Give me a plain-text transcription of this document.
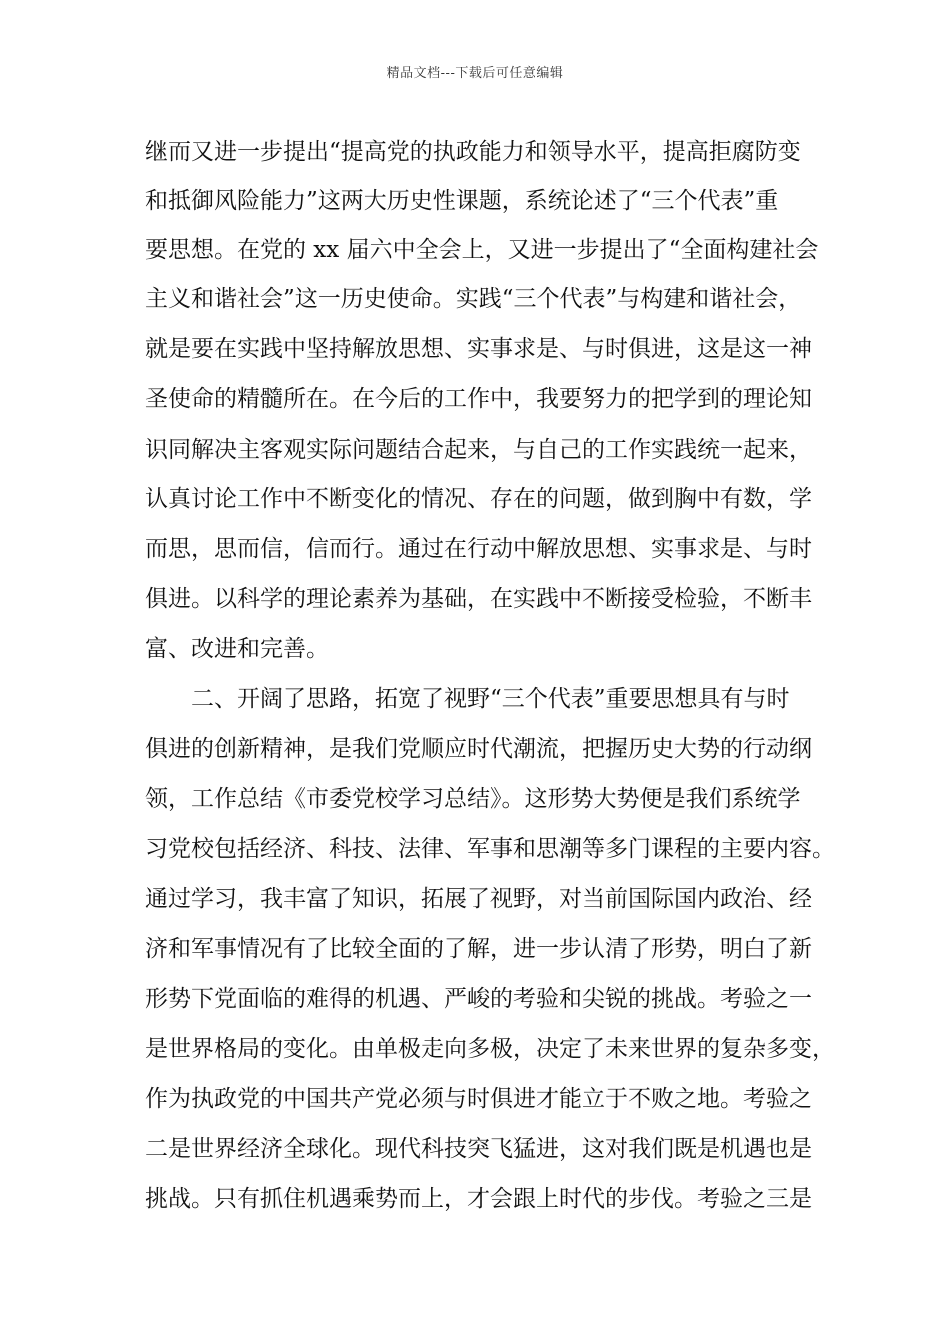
精品文档---下载后可任意编辑
继而又进一步提出“提高党的执政能力和领导水平，提高拒腐防变
和抵御风险能力”这两大历史性课题，系统论述了“三个代表”重
要思想。在党的 xx 届六中全会上，又进一步提出了“全面构建社会
主义和谐社会”这一历史使命。实践“三个代表”与构建和谐社会，
就是要在实践中坚持解放思想、实事求是、与时俱进，这是这一神
圣使命的精髓所在。在今后的工作中，我要努力的把学到的理论知
识同解决主客观实际问题结合起来，与自己的工作实践统一起来，
认真讨论工作中不断变化的情况、存在的问题，做到胸中有数，学
而思，思而信，信而行。通过在行动中解放思想、实事求是、与时
俱进。以科学的理论素养为基础，在实践中不断接受检验，不断丰
富、改进和完善。
二、开阔了思路，拓宽了视野“三个代表”重要思想具有与时
俱进的创新精神，是我们党顺应时代潮流，把握历史大势的行动纲
领，工作总结《市委党校学习总结》。这形势大势便是我们系统学
习党校包括经济、科技、法律、军事和思潮等多门课程的主要内容。
通过学习，我丰富了知识，拓展了视野，对当前国际国内政治、经
济和军事情况有了比较全面的了解，进一步认清了形势，明白了新
形势下党面临的难得的机遇、严峻的考验和尖锐的挑战。考验之一
是世界格局的变化。由单极走向多极，决定了未来世界的复杂多变，
作为执政党的中国共产党必须与时俱进才能立于不败之地。考验之
二是世界经济全球化。现代科技突飞猛进，这对我们既是机遇也是
挑战。只有抓住机遇乘势而上，才会跟上时代的步伐。考验之三是
